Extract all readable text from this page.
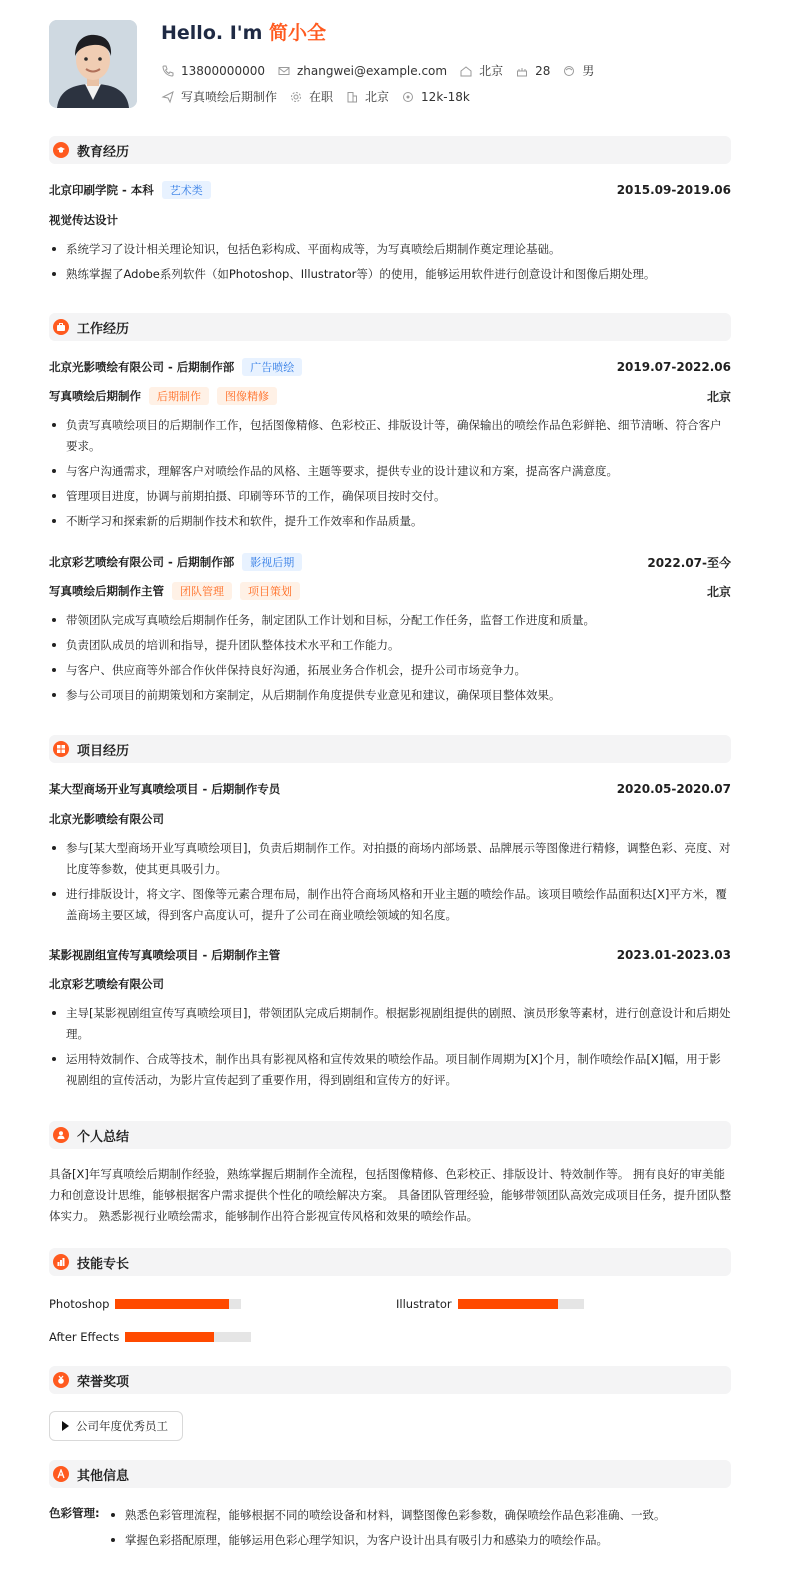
Hello. I'm 简小全
13800000000	zhangwei@example.com	北京	28	男
写真喷绘后期制作	在职	北京	12k-18k
教育经历
北京印刷学院 - 本科	艺术类	2015.09-2019.06
视觉传达设计
系统学习了设计相关理论知识，包括色彩构成、平面构成等，为写真喷绘后期制作奠定理论基础。
熟练掌握了Adobe系列软件（如Photoshop、Illustrator等）的使用，能够运用软件进行创意设计和图像后期处理。
工作经历
北京光影喷绘有限公司 - 后期制作部	广告喷绘	2019.07-2022.06
写真喷绘后期制作	后期制作	图像精修	北京
负责写真喷绘项目的后期制作工作，包括图像精修、色彩校正、排版设计等，确保输出的喷绘作品色彩鲜艳、细节清晰、符合客户要求。
与客户沟通需求，理解客户对喷绘作品的风格、主题等要求，提供专业的设计建议和方案，提高客户满意度。
管理项目进度，协调与前期拍摄、印刷等环节的工作，确保项目按时交付。
不断学习和探索新的后期制作技术和软件，提升工作效率和作品质量。
北京彩艺喷绘有限公司 - 后期制作部	影视后期	2022.07-至今
写真喷绘后期制作主管	团队管理	项目策划	北京
带领团队完成写真喷绘后期制作任务，制定团队工作计划和目标，分配工作任务，监督工作进度和质量。
负责团队成员的培训和指导，提升团队整体技术水平和工作能力。
与客户、供应商等外部合作伙伴保持良好沟通，拓展业务合作机会，提升公司市场竞争力。
参与公司项目的前期策划和方案制定，从后期制作角度提供专业意见和建议，确保项目整体效果。
项目经历
某大型商场开业写真喷绘项目 - 后期制作专员	2020.05-2020.07
北京光影喷绘有限公司
参与[某大型商场开业写真喷绘项目]，负责后期制作工作。对拍摄的商场内部场景、品牌展示等图像进行精修，调整色彩、亮度、对比度等参数，使其更具吸引力。
进行排版设计，将文字、图像等元素合理布局，制作出符合商场风格和开业主题的喷绘作品。该项目喷绘作品面积达[X]平方米，覆盖商场主要区域，得到客户高度认可，提升了公司在商业喷绘领域的知名度。
某影视剧组宣传写真喷绘项目 - 后期制作主管	2023.01-2023.03
北京彩艺喷绘有限公司
主导[某影视剧组宣传写真喷绘项目]，带领团队完成后期制作。根据影视剧组提供的剧照、演员形象等素材，进行创意设计和后期处理。
运用特效制作、合成等技术，制作出具有影视风格和宣传效果的喷绘作品。项目制作周期为[X]个月，制作喷绘作品[X]幅，用于影视剧组的宣传活动，为影片宣传起到了重要作用，得到剧组和宣传方的好评。
个人总结
具备[X]年写真喷绘后期制作经验，熟练掌握后期制作全流程，包括图像精修、色彩校正、排版设计、特效制作等。 拥有良好的审美能力和创意设计思维，能够根据客户需求提供个性化的喷绘解决方案。 具备团队管理经验，能够带领团队高效完成项目任务，提升团队整体实力。 熟悉影视行业喷绘需求，能够制作出符合影视宣传风格和效果的喷绘作品。
技能专长
Photoshop	Illustrator
After Effects
荣誉奖项
公司年度优秀员工
其他信息
色彩管理:	熟悉色彩管理流程，能够根据不同的喷绘设备和材料，调整图像色彩参数，确保喷绘作品色彩准确、一致。
掌握色彩搭配原理，能够运用色彩心理学知识，为客户设计出具有吸引力和感染力的喷绘作品。
